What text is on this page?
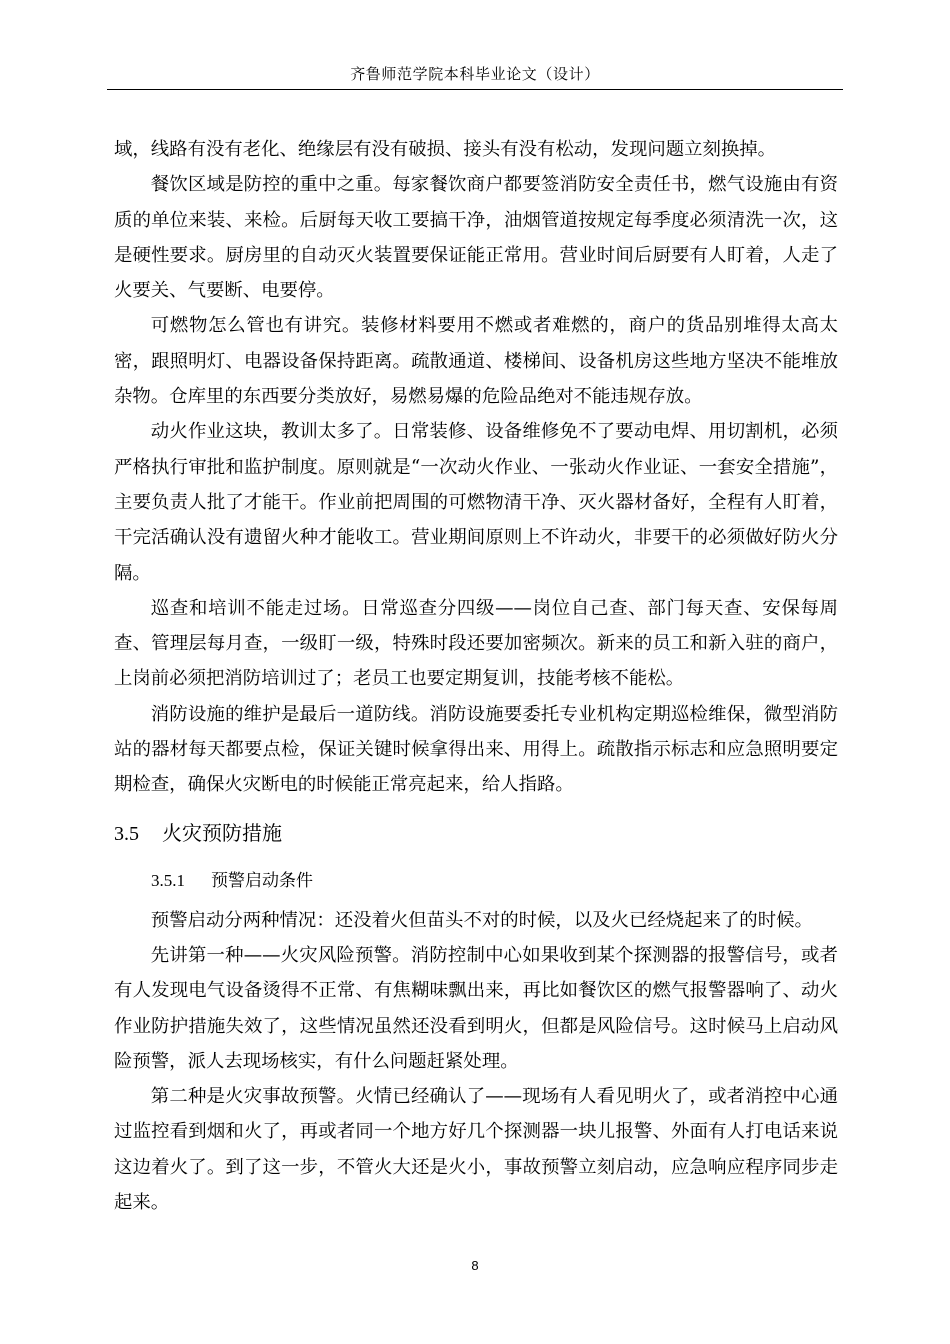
齐鲁师范学院本科毕业论文（设计）

域，线路有没有老化、绝缘层有没有破损、接头有没有松动，发现问题立刻换掉。

餐饮区域是防控的重中之重。每家餐饮商户都要签消防安全责任书，燃气设施由有资质的单位来装、来检。后厨每天收工要搞干净，油烟管道按规定每季度必须清洗一次，这是硬性要求。厨房里的自动灭火装置要保证能正常用。营业时间后厨要有人盯着，人走了火要关、气要断、电要停。

可燃物怎么管也有讲究。装修材料要用不燃或者难燃的，商户的货品别堆得太高太密，跟照明灯、电器设备保持距离。疏散通道、楼梯间、设备机房这些地方坚决不能堆放杂物。仓库里的东西要分类放好，易燃易爆的危险品绝对不能违规存放。

动火作业这块，教训太多了。日常装修、设备维修免不了要动电焊、用切割机，必须严格执行审批和监护制度。原则就是“一次动火作业、一张动火作业证、一套安全措施”，主要负责人批了才能干。作业前把周围的可燃物清干净、灭火器材备好，全程有人盯着，干完活确认没有遗留火种才能收工。营业期间原则上不许动火，非要干的必须做好防火分隔。

巡查和培训不能走过场。日常巡查分四级——岗位自己查、部门每天查、安保每周查、管理层每月查，一级盯一级，特殊时段还要加密频次。新来的员工和新入驻的商户，上岗前必须把消防培训过了；老员工也要定期复训，技能考核不能松。

消防设施的维护是最后一道防线。消防设施要委托专业机构定期巡检维保，微型消防站的器材每天都要点检，保证关键时候拿得出来、用得上。疏散指示标志和应急照明要定期检查，确保火灾断电的时候能正常亮起来，给人指路。

3.5 火灾预防措施
3.5.1 预警启动条件

预警启动分两种情况：还没着火但苗头不对的时候，以及火已经烧起来了的时候。

先讲第一种——火灾风险预警。消防控制中心如果收到某个探测器的报警信号，或者有人发现电气设备烫得不正常、有焦糊味飘出来，再比如餐饮区的燃气报警器响了、动火作业防护措施失效了，这些情况虽然还没看到明火，但都是风险信号。这时候马上启动风险预警，派人去现场核实，有什么问题赶紧处理。

第二种是火灾事故预警。火情已经确认了——现场有人看见明火了，或者消控中心通过监控看到烟和火了，再或者同一个地方好几个探测器一块儿报警、外面有人打电话来说这边着火了。到了这一步，不管火大还是火小，事故预警立刻启动，应急响应程序同步走起来。

8
